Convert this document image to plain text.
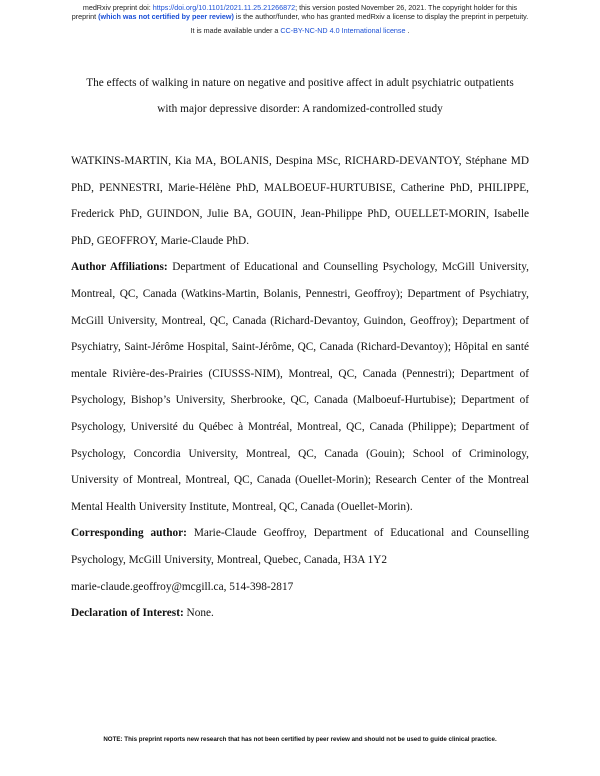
medRxiv preprint doi: https://doi.org/10.1101/2021.11.25.21266872; this version posted November 26, 2021. The copyright holder for this
preprint (which was not certified by peer review) is the author/funder, who has granted medRxiv a license to display the preprint in perpetuity.
It is made available under a CC-BY-NC-ND 4.0 International license .
The effects of walking in nature on negative and positive affect in adult psychiatric outpatients
with major depressive disorder: A randomized-controlled study

WATKINS-MARTIN, Kia MA, BOLANIS, Despina MSc, RICHARD-DEVANTOY, Stéphane MD PhD, PENNESTRI, Marie-Hélène PhD, MALBOEUF-HURTUBISE, Catherine PhD, PHILIPPE, Frederick PhD, GUINDON, Julie BA, GOUIN, Jean-Philippe PhD, OUELLET-MORIN, Isabelle PhD, GEOFFROY, Marie-Claude PhD.

Author Affiliations: Department of Educational and Counselling Psychology, McGill University, Montreal, QC, Canada (Watkins-Martin, Bolanis, Pennestri, Geoffroy); Department of Psychiatry, McGill University, Montreal, QC, Canada (Richard-Devantoy, Guindon, Geoffroy); Department of Psychiatry, Saint-Jérôme Hospital, Saint-Jérôme, QC, Canada (Richard-Devantoy); Hôpital en santé mentale Rivière-des-Prairies (CIUSSS-NIM), Montreal, QC, Canada (Pennestri); Department of Psychology, Bishop’s University, Sherbrooke, QC, Canada (Malboeuf-Hurtubise); Department of Psychology, Université du Québec à Montréal, Montreal, QC, Canada (Philippe); Department of Psychology, Concordia University, Montreal, QC, Canada (Gouin); School of Criminology, University of Montreal, Montreal, QC, Canada (Ouellet-Morin); Research Center of the Montreal Mental Health University Institute, Montreal, QC, Canada (Ouellet-Morin).

Corresponding author: Marie-Claude Geoffroy, Department of Educational and Counselling Psychology, McGill University, Montreal, Quebec, Canada, H3A 1Y2

marie-claude.geoffroy@mcgill.ca, 514-398-2817

Declaration of Interest: None.

NOTE: This preprint reports new research that has not been certified by peer review and should not be used to guide clinical practice.
